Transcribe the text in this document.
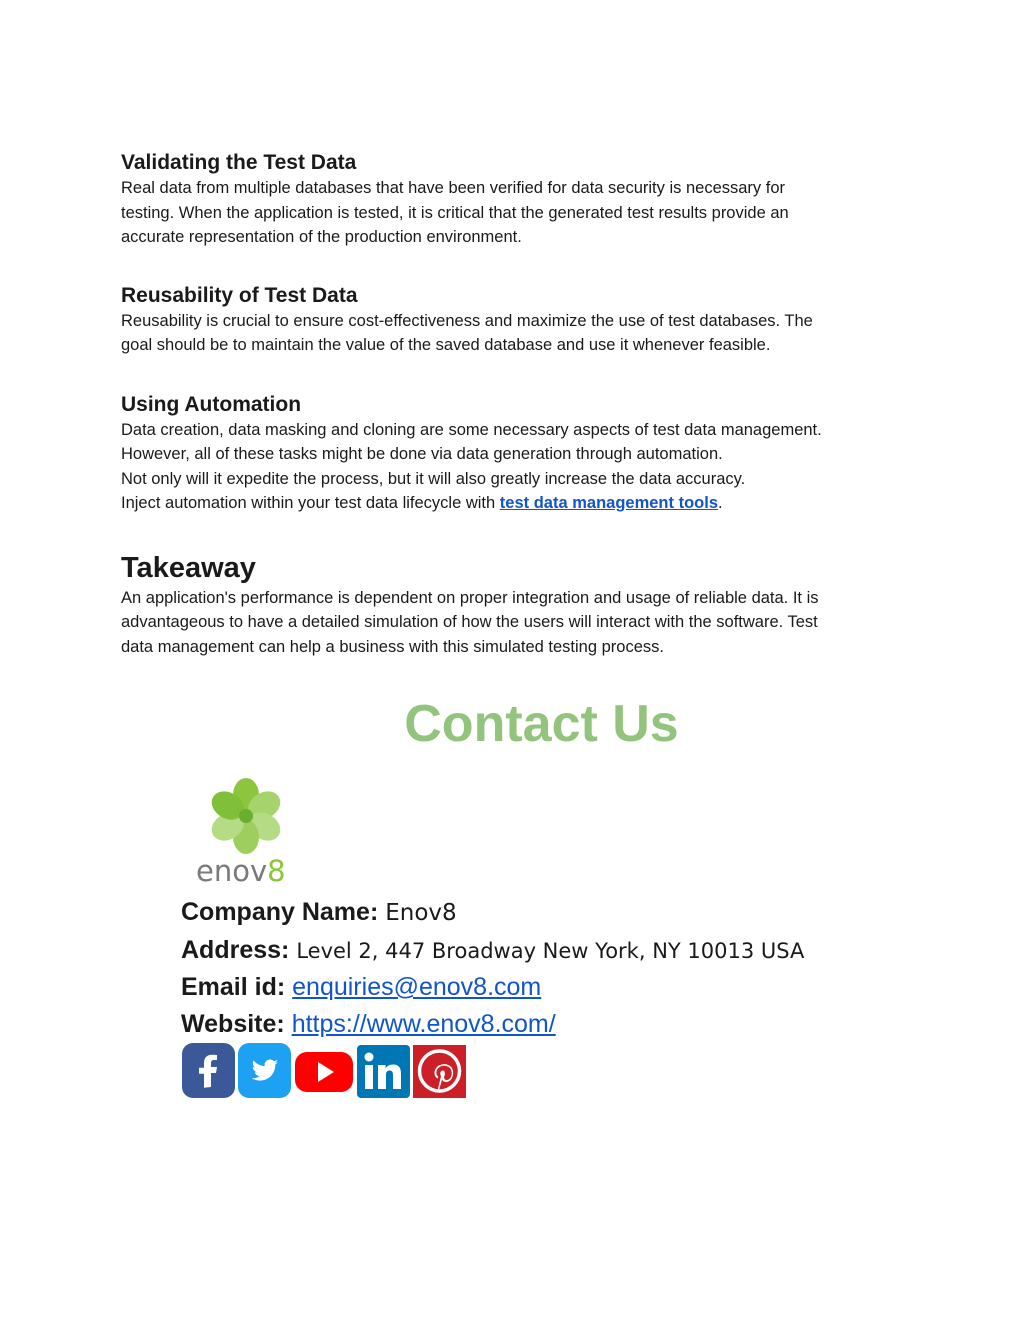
Validating the Test Data

Real data from multiple databases that have been verified for data security is necessary for
testing. When the application is tested, it is critical that the generated test results provide an
accurate representation of the production environment.

Reusability of Test Data

Reusability is crucial to ensure cost-effectiveness and maximize the use of test databases. The
goal should be to maintain the value of the saved database and use it whenever feasible.

Using Automation

Data creation, data masking and cloning are some necessary aspects of test data management.
However, all of these tasks might be done via data generation through automation.
Not only will it expedite the process, but it will also greatly increase the data accuracy.
Inject automation within your test data lifecycle with test data management tools.

Takeaway

An application's performance is dependent on proper integration and usage of reliable data. It is
advantageous to have a detailed simulation of how the users will interact with the software. Test
data management can help a business with this simulated testing process.

Contact Us
enov8
Company Name: Enov8
Address: Level 2, 447 Broadway New York, NY 10013 USA
Email id: enquiries@enov8.com
Website: https://www.enov8.com/
